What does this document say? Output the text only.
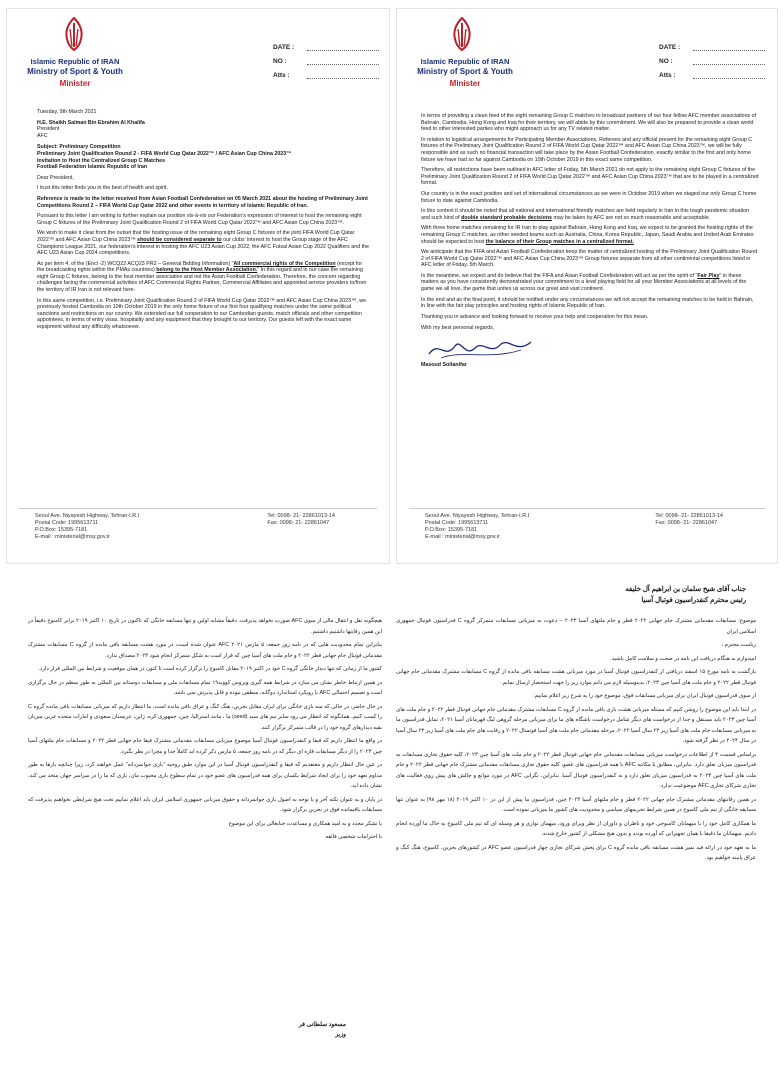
Islamic Republic of IRAN
Ministry of Sport & Youth
Minister
DATE :
NO :
Atts :

Tuesday, 9th March 2021

H.E. Shaikh Salman Bin Ebrahim Al Khalifa
President
AFC

Subject: Preliminary Competition
Preliminary Joint Qualification Round 2 - FIFA World Cup Qatar 2022™ / AFC Asian Cup China 2023™
Invitation to Host the Centralized Group C Matches
Football Federation Islamic Republic of Iran

Dear President,

I trust this letter finds you in the best of health and spirit.

Reference is made to the letter received from Asian Football Confederation on 05 March 2021 about the hosting of Preliminary Joint Competitions Round 2 – FIFA World Cup Qatar 2022 and other events in territory of Islamic Republic of Iran.

Pursuant to this letter I am writing to further explain our position vis-à-vis our Federation's expression of interest to host the remaining eight Group C fixtures of the Preliminary Joint Qualification Round 2 of FIFA World Cup Qatar 2022™ and AFC Asian Cup China 2023™.

We wish to make it clear from the outset that the hosting issue of the remaining eight Group C fixtures of the joint FIFA World Cup Qatar 2022™ and AFC Asian Cup China 2023™ should be considered separate to our clubs' interest to host the Group stage of the AFC Champions League 2021, our federation's interest in hosting the AFC U23 Asian Cup 2022, the AFC Futsal Asian Cup 2022 Qualifiers and the AFC U23 Asian Cup 2024 competitions.

As per item 4. of the (Encl -2) WCQ22 ACQ23 PR2 – General Bidding Information) "All commercial rights of the Competition (except for the broadcasting rights within the PMAs countries) belong to the Host Member Association." In this regard and in our case the remaining eight Group C fixtures, belong to the host member association and not the Asian Football Confederation. Therefore, the concern regarding challenges facing the commercial activities of AFC Commercial Rights Partner, Commercial Affiliates and appointed service providers to/from the territory of IR Iran is not relevant here.

In this same competition, i.e. Preliminary Joint Qualification Round 2 of FIFA World Cup Qatar 2022™ and AFC Asian Cup China 2023™, we previously hosted Cambodia on 10th October 2019 in the only home fixture of our first four qualifying matches under the same political sanctions and restrictions on our country. We extended our full cooperation to our Cambodian guests, match officials and other competition appointees, in terms of entry visas, hospitality and any equipment that they brought to our territory. Our guests left with the exact same equipment without any difficulty whatsoever.

Seoul Ave. Niyayesh Highway, Tehran-I.R.I
Postal Code: 1995613711
P.O.Box: 15395-7181
E-mail : ministerial@msy.gov.ir
Tel: 0098- 21- 22861013-14
Fax: 0098- 21- 22861047
Islamic Republic of IRAN
Ministry of Sport & Youth
Minister
DATE :
NO :
Atts :

In terms of providing a clean feed of the eight remaining Group C matches to broadcast partners of our four fellow AFC member associations of Bahrain, Cambodia, Hong Kong and Iraq for their territory, we will abide by this commitment. We will also be prepared to provide a clean world feed to other interested parties who might approach us for any TV related matter.

In relation to logistical arrangements for Participating Member Associations, Referees and any official present for the remaining eight Group C fixtures of the Preliminary Joint Qualification Round 2 of FIFA World Cup Qatar 2022™ and AFC Asian Cup China 2023™, we will be fully responsible and as such no financial transaction will take place by the Asian Football Confederation, exactly similar to the first and only home fixture we have had so far against Cambodia on 10th October 2019 in this exact same competition.

Therefore, all restrictions have been outlined in AFC letter of Friday, 5th March 2021 do not apply to the remaining eight Group C fixtures of the Preliminary Joint Qualification Round 2 of FIFA World Cup Qatar 2022™ and AFC Asian Cup China 2023™ that are to be played in a centralized format.

Our country is in the exact position and set of international circumstances as we were in October 2019 when we staged our only Group C home fixture to date against Cambodia.

In this context it should be noted that all national and international friendly matches are held regularly in Iran in this tough pandemic situation and such kind of double standard probable decisions may be taken by AFC are not so much reasonable and acceptable.

With three home matches remaining for IR Iran to play against Bahrain, Hong Kong and Iraq, we expect to be granted the hosting rights of the remaining Group C matches, as other seeded teams such as Australia, China, Korea Republic, Japan, Saudi Arabia and United Arab Emirates should be expected to host the balance of their Group matches in a centralized format.

We anticipate that the FIFA and Asian Football Confederation keep the matter of centralized hosting of the Preliminary Joint Qualification Round 2 of FIFA World Cup Qatar 2022™ and AFC Asian Cup China 2023™ Group fixtures separate from all other continental competitions listed in AFC letter of Friday, 5th March.

In the meantime, we expect and do believe that the FIFA and Asian Football Confederation will act as per the spirit of "Fair Play" in these matters as you have consistently demonstrated your commitment to a level playing field for all your Member Associations at all levels of the game we all love, the game that unites us across our great and vast continent.

In the end and as the final point, it should be notified under any circumstances we will not accept the remaining matches to be held in Bahrain, in line with the fair play principles and hosting rights of Islamic Republic of Iran.

Thanking you in advance and looking forward to receive your help and cooperation for this mean.

With my best personal regards,

Masoud Soltanifar

Seoul Ave. Niyayesh Highway, Tehran-I.R.I
Postal Code: 1995613711
P.O.Box: 15395-7181
E-mail : ministerial@msy.gov.ir
Tel: 0098- 21- 22861013-14
Fax: 0098- 21- 22861047
جناب آقای شیخ سلمان بن ابراهیم آل خلیفه
رئیس محترم کنفدراسیون فوتبال آسیا

موضوع: مسابقات مقدماتی مشترک جام جهانی ۲۰۲۲ قطر و جام ملتهای آسیا ۲۰۲۳ – دعوت به میزبانی مسابقات متمرکز گروه C فدراسیون فوتبال جمهوری اسلامی ایران

ریاست محترم ،

امیدوارم به هنگام دریافت این نامه در صحت و سلامت کامل باشید.

بازگشت به نامه مورخ ۱۵ اسفند دریافتی از کنفدراسیون فوتبال آسیا در مورد میزبانی هشت مسابقه باقی مانده از گروه C مسابقات مشترک مقدماتی جام جهانی فوتبال قطر ۲۰۲۲ و جام ملت های آسیا چین ۲۰۲۳، بدینوسیله لازم می دانم موارد زیر را جهت استحضار ارسال نمایم.

از سوی فدراسیون فوتبال ایران برای میزبانی مسابقات فوق، موضوع خود را به شرح زیر اعلام نماییم:

در ابتدا باید این موضوع را روشن کنیم که مسئله میزبانی هشت بازی باقی مانده از گروه C مسابقات مشترک مقدماتی جام جهانی فوتبال قطر ۲۰۲۲ و جام ملت های آسیا چین ۲۰۲۳ باید مستقل و جدا از درخواست های دیگر شامل درخواست باشگاه های ما برای میزبانی مرحله گروهی لیگ قهرمانان آسیا ۲۰۲۱، تمایل فدراسیون ما به میزبانی مسابقات جام ملت های آسیا زیر ۲۳ سال آسیا ۲۰۲۲، مرحله مقدماتی جام ملت های آسیا فوتسال ۲۰۲۲ و رقابت های جام ملت های آسیا زیر ۲۳ سال آسیا در سال ۲۰۲۴ در نظر گرفته شود.

براساس قسمت ۴ از اطلاعات درخواست میزبانی مسابقات مقدماتی جام جهانی فوتبال قطر ۲۰۲۲ و جام ملت های آسیا چین ۲۰۲۳، کلیه حقوق تجاری مسابقات به فدراسیون میزبان تعلق دارد. بنابراین، مطابق با مکاتبه AFC با همه فدراسیون های عضو، کلیه حقوق تجاری مسابقات مقدماتی مشترک جام جهانی قطر ۲۰۲۲ و جام ملت های آسیا چین ۲۰۲۳ به فدراسیون میزبان تعلق دارد و نه کنفدراسیون فوتبال آسیا. بنابراین، نگرانی AFC در مورد موانع و چالش های پیش روی فعالیت های تجاری شرکای تجاری AFC موضوعیت ندارد.

در همین رقابتهای مقدماتی مشترک جام جهانی ۲۰۲۲ قطر و جام ملتهای آسیا ۲۰۲۳ چین، فدراسیون ما پیش از این در ۱۰ اکتبر ۲۰۱۹ (۱۸ مهر ۹۸) به عنوان تنها مسابقه خانگی از تیم ملی کامبوج در همین شرایط تحریمهای سیاسی و محدودیت های کشور ما میزبانی نموده است.

ما همکاری کامل خود را با میهمانان کامبوجی خود و ناظران و داوران از نظر ویزای ورود، میهمان نوازی و هر وسیله ای که تیم ملی کامبوج به خاک ما آورده انجام دادیم. میهمانان ما دقیقا با همان تجهیزاتی که آورده بودند و بدون هیچ مشکلی از کشور خارج شدند.

ما به تعهد خود در ارائه فید تمیز هشت مسابقه باقی مانده گروه C برای پخش شرکای تجاری چهار فدراسیون عضو AFC در کشورهای بحرین، کامبوج، هنگ کنگ و عراق پایبند خواهیم بود.

هیچگونه نقل و انتقال مالی از سوی AFC صورت نخواهد پذیرفت. دقیقاً مشابه اولین و تنها مسابقه خانگی که تاکنون در تاریخ ۱۰ اکتبر ۲۰۱۹ برابر کامبوج دقیقاً در این همین رقابتها داشتیم داشتیم.

بنابراین تمام محدودیت هایی که در نامه روز جمعه، ۵ مارس ۲۰۲۱ AFC عنوان شده است، در مورد هشت مسابقه باقی مانده از گروه C مسابقات مشترک مقدماتی فوتبال جام جهانی قطر ۲۰۲۲ و جام ملت های آسیا چین که قرار است به شکل متمرکز انجام شود ۲۰۲۳ مصداق ندارد.

کشور ما از زمانی که تنها دیدار خانگی گروه C خود در اکتبر ۲۰۱۹ مقابل کامبوج را برگزار کرده است تا کنون در همان موقعیت و شرایط بین المللی قرار دارد.

در همین ارتباط خاطر نشان می سازد در شرایط همه گیری ویروس کووید۱۹ تمام مسابقات ملی و مسابقات دوستانه بین المللی به طور منظم در حال برگزاری است و تصمیم احتمالی AFC با رویکرد استاندارد دوگانه، منطقی نبوده و قابل پذیرش نمی باشد.

در حال حاضر، در حالی که سه بازی خانگی برای ایران مقابل بحرین، هنگ کنگ و عراق باقی مانده است، ما انتظار داریم که میزبانی مسابقات باقی مانده گروه C را کسب کنیم، همانگونه که انتظار می رود سایر تیم های سید (seed) ما ، مانند استرالیا، چین، جمهوری کره، ژاپن، عربستان سعودی و امارات متحده عربی میزبان بقیه دیدارهای گروه خود را در قالب متمرکز برگزار کنند.

در واقع ما انتظار داریم که فیفا و کنفدراسیون فوتبال آسیا موضوع میزبانی مسابقات مقدماتی مشترک فیفا جام جهانی قطر ۲۰۲۲ و مسابقات جام ملتهای آسیا چین ۲۰۲۳ را از دیگر مسابقات قاره ای دیگر که در نامه روز جمعه، ۵ مارس ذکر کرده اید کاملاً جدا و مجزا در نظر بگیرد.

در عین حال انتظار داریم و معتقدیم که فیفا و کنفدراسیون فوتبال آسیا در این موارد طبق روحیه "بازی جوانمردانه" عمل خواهند کرد، زیرا چنانچه بارها به طور مداوم تعهد خود را برای ایجاد شرایط یکسان برای همه فدراسیون های عضو خود در تمام سطوح بازی محبوب مان، بازی که ما را در سراسر جهان متحد می کند، نشان داده اید.

در پایان و به عنوان نکته آخر و با توجه به اصول بازی جوانمردانه و حقوق میزبانی جمهوری اسلامی ایران باید اعلام نماییم تحت هیچ شرایطی نخواهیم پذیرفت که مسابقات باقیمانده فوق در بحرین برگزار شود.

با تشکر مجدد و به امید همکاری و مساعدت جنابعالی برای این موضوع

با احترامات شخصی فائقه

مسعود سلطانی فر
وزیر
